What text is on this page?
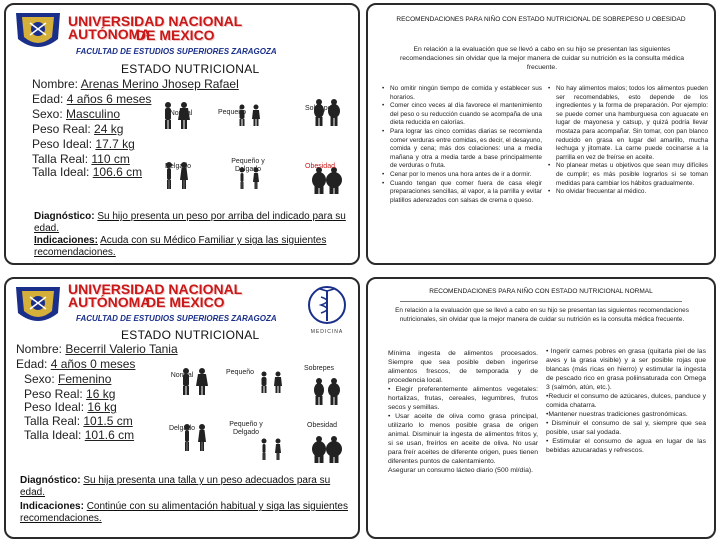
UNIVERSIDAD NACIONAL AUTÓNOMA
DE MEXICO
FACULTAD DE ESTUDIOS SUPERIORES ZARAGOZA
ESTADO NUTRICIONAL
Nombre: Arenas Merino Jhosep Rafael
Edad: 4 años 6 meses
Sexo: Masculino
Peso Real: 24 kg
Peso Ideal: 17.7 kg
Talla Real: 110 cm
Talla Ideal: 106.6 cm
Normal	Pequeño
Sobrepes
Delgado
Pequeño y Delgado	Obesidad
Diagnóstico: Su hijo presenta un peso por arriba del indicado para su edad.
Indicaciones: Acuda con su Médico Familiar y siga las siguientes recomendaciones.
MEDICINA
UNIVERSIDAD NACIONAL AUTÓNOMA
DE MEXICO
FACULTAD DE ESTUDIOS SUPERIORES ZARAGOZA
ESTADO NUTRICIONAL
Nombre: Becerril Valerio Tania
Edad: 4 años 0 meses
Sexo: Femenino
Peso Real: 16 kg
Peso Ideal: 16 kg
Talla Real: 101.5 cm
Talla Ideal: 101.6 cm
Normal	Pequeño
Sobrepes
Delgado
Pequeño y Delgado
Obesidad
Diagnóstico: Su hija presenta una talla y un peso adecuados para su edad.
Indicaciones: Continúe con su alimentación habitual y siga las siguientes recomendaciones.
RECOMENDACIONES PARA NIÑO CON ESTADO NUTRICIONAL DE SOBREPESO U OBESIDAD
En relación a la evaluación que se llevó a cabo en su hijo se presentan las siguientes recomendaciones sin olvidar que la mejor manera de cuidar su nutrición es la consulta médica frecuente.
• No omitir ningún tiempo de comida y establecer sus horarios.
• Comer cinco veces al día favorece el mantenimiento del peso o su reducción cuando se acompaña de una dieta reducida en calorías.
• Para lograr las cinco comidas diarias se recomienda comer verduras entre comidas, es decir, el desayuno, comida y cena; más dos colaciones: una a media mañana y otra a media tarde a base principalmente de verduras o fruta.
• Cenar por lo menos una hora antes de ir a dormir.
• Cuando tengan que comer fuera de casa elegir preparaciones sencillas, al vapor, a la parrilla y evitar platillos aderezados con salsas de crema o queso.
• No hay alimentos malos; todos los alimentos pueden ser recomendables, esto depende de los ingredientes y la forma de preparación. Por ejemplo: se puede comer una hamburguesa con aguacate en lugar de mayonesa y catsup, y quizá podría llevar mostaza para acompañar. Sin tomar, con pan blanco reducido en grasa en lugar del amarillo, mucha lechuga y jitomate. La carne puede cocinarse a la parrilla en vez de freírse en aceite.
• No planear metas u objetivos que sean muy difíciles de cumplir; es más posible lograrlos si se toman medidas para cambiar los hábitos gradualmente.
• No olvidar frecuentar al médico.
RECOMENDACIONES PARA NIÑO CON ESTADO NUTRICIONAL NORMAL
En relación a la evaluación que se llevó a cabo en su hijo se presentan las siguientes recomendaciones nutricionales, sin olvidar que la mejor manera de cuidar su nutrición es la consulta médica frecuente.
Mínima ingesta de alimentos procesados. Siempre que sea posible deben ingerirse alimentos frescos, de temporada y de procedencia local.
• Elegir preferentemente alimentos vegetales: hortalizas, frutas, cereales, legumbres, frutos secos y semillas.
• Usar aceite de oliva como grasa principal, utilizarlo lo menos posible grasa de origen animal. Disminuir la ingesta de alimentos fritos y, si se usan, freírlos en aceite de oliva. No usar para freír aceites de diferente origen, pues tienen diferentes puntos de calentamiento.
Asegurar un consumo lácteo diario (500 ml/día).
• Ingerir carnes pobres en grasa (quitarla piel de las aves y la grasa visible) y a ser posible rojas que blancas (más ricas en hierro) y estimular la ingesta de pescado rico en grasa poliinsaturada con Omega 3 (salmón, atún, etc.).
•Reducir el consumo de azúcares, dulces, panduce y comida chatarra.
•Mantener nuestras tradiciones gastronómicas.
• Disminuir el consumo de sal y, siempre que sea posible, usar sal yodada.
• Estimular el consumo de agua en lugar de las bebidas azucaradas y refrescos.
